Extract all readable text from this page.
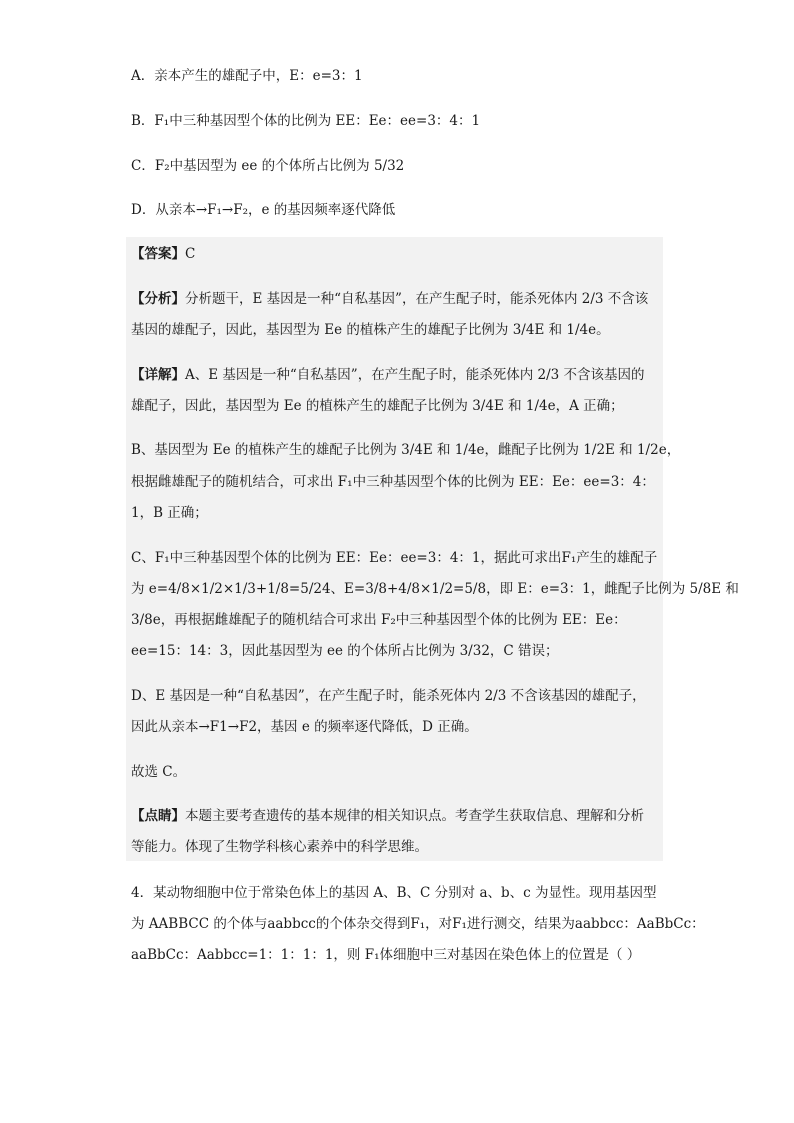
A．亲本产生的雄配子中，E：e=3：1
B．F₁中三种基因型个体的比例为 EE：Ee：ee=3：4：1
C．F₂中基因型为 ee 的个体所占比例为 5/32
D．从亲本→F₁→F₂，e 的基因频率逐代降低
【答案】C
【分析】分析题干，E 基因是一种“自私基因”，在产生配子时，能杀死体内 2/3 不含该
基因的雄配子，因此，基因型为 Ee 的植株产生的雄配子比例为 3/4E 和 1/4e。
【详解】A、E 基因是一种“自私基因”，在产生配子时，能杀死体内 2/3 不含该基因的
雄配子，因此，基因型为 Ee 的植株产生的雄配子比例为 3/4E 和 1/4e，A 正确；
B、基因型为 Ee 的植株产生的雄配子比例为 3/4E 和 1/4e，雌配子比例为 1/2E 和 1/2e，
根据雌雄配子的随机结合，可求出 F₁中三种基因型个体的比例为 EE：Ee：ee=3：4：
1，B 正确；
C、F₁中三种基因型个体的比例为 EE：Ee：ee=3：4：1，据此可求出F₁产生的雄配子
为 e=4/8×1/2×1/3+1/8=5/24、E=3/8+4/8×1/2=5/8，即 E：e=3：1，雌配子比例为 5/8E 和
3/8e，再根据雌雄配子的随机结合可求出 F₂中三种基因型个体的比例为 EE：Ee：
ee=15：14：3，因此基因型为 ee 的个体所占比例为 3/32，C 错误；
D、E 基因是一种“自私基因”，在产生配子时，能杀死体内 2/3 不含该基因的雄配子，
因此从亲本→F1→F2，基因 e 的频率逐代降低，D 正确。
故选 C。
【点睛】本题主要考查遗传的基本规律的相关知识点。考查学生获取信息、理解和分析
等能力。体现了生物学科核心素养中的科学思维。
4．某动物细胞中位于常染色体上的基因 A、B、C 分别对 a、b、c 为显性。现用基因型
为 AABBCC 的个体与aabbcc的个体杂交得到F₁，对F₁进行测交，结果为aabbcc：AaBbCc：
aaBbCc：Aabbcc=1：1：1：1，则 F₁体细胞中三对基因在染色体上的位置是（ ）
